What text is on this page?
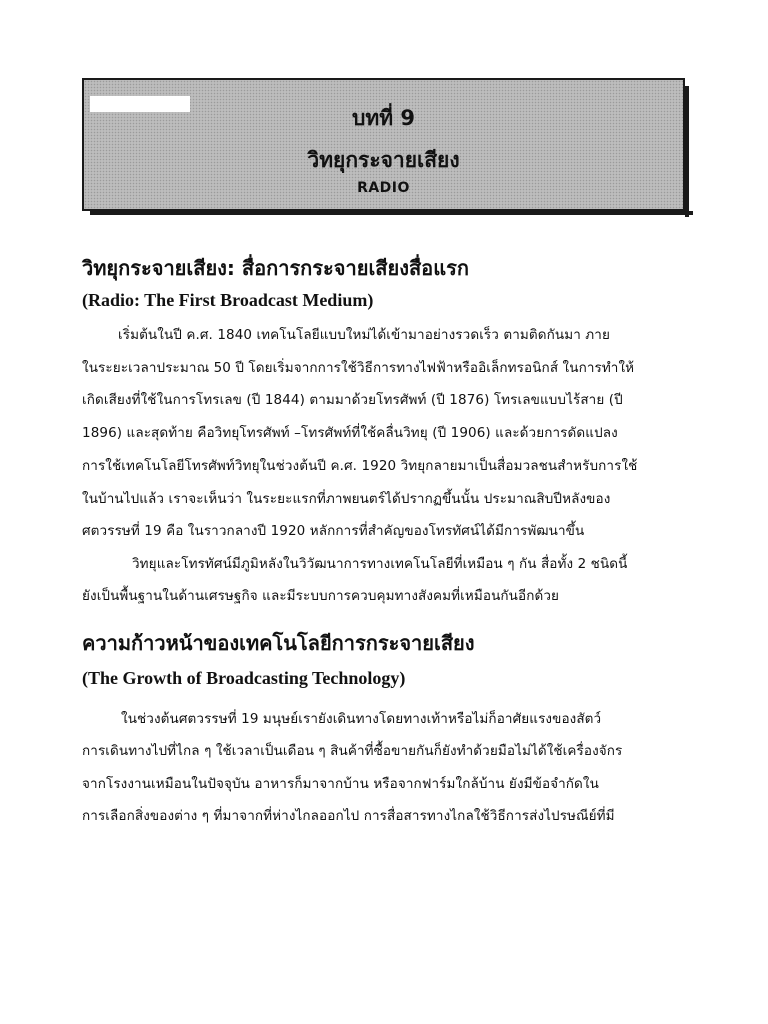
บทที่ 9
วิทยุกระจายเสียง
RADIO
วิทยุกระจายเสียง: สื่อการกระจายเสียงสื่อแรก
(Radio: The First Broadcast Medium)
เริ่มต้นในปี ค.ศ. 1840 เทคโนโลยีแบบใหม่ได้เข้ามาอย่างรวดเร็ว ตามติดกันมา ภาย
ในระยะเวลาประมาณ 50 ปี โดยเริ่มจากการใช้วิธีการทางไฟฟ้าหรืออิเล็กทรอนิกส์ ในการทำให้
เกิดเสียงที่ใช้ในการโทรเลข (ปี 1844) ตามมาด้วยโทรศัพท์ (ปี 1876) โทรเลขแบบไร้สาย (ปี
1896) และสุดท้าย คือวิทยุโทรศัพท์ –โทรศัพท์ที่ใช้คลื่นวิทยุ (ปี 1906) และด้วยการดัดแปลง
การใช้เทคโนโลยีโทรศัพท์วิทยุในช่วงต้นปี ค.ศ. 1920 วิทยุกลายมาเป็นสื่อมวลชนสำหรับการใช้
ในบ้านไปแล้ว เราจะเห็นว่า ในระยะแรกที่ภาพยนตร์ได้ปรากฏขึ้นนั้น ประมาณสิบปีหลังของ
ศตวรรษที่ 19 คือ ในราวกลางปี 1920 หลักการที่สำคัญของโทรทัศน์ได้มีการพัฒนาขึ้น
วิทยุและโทรทัศน์มีภูมิหลังในวิวัฒนาการทางเทคโนโลยีที่เหมือน ๆ กัน สื่อทั้ง 2 ชนิดนี้
ยังเป็นพื้นฐานในด้านเศรษฐกิจ และมีระบบการควบคุมทางสังคมที่เหมือนกันอีกด้วย
ความก้าวหน้าของเทคโนโลยีการกระจายเสียง
(The Growth of Broadcasting Technology)
ในช่วงต้นศตวรรษที่ 19 มนุษย์เรายังเดินทางโดยทางเท้าหรือไม่ก็อาศัยแรงของสัตว์
การเดินทางไปที่ไกล ๆ ใช้เวลาเป็นเดือน ๆ สินค้าที่ซื้อขายกันก็ยังทำด้วยมือไม่ได้ใช้เครื่องจักร
จากโรงงานเหมือนในปัจจุบัน อาหารก็มาจากบ้าน หรือจากฟาร์มใกล้บ้าน ยังมีข้อจำกัดใน
การเลือกสิ่งของต่าง ๆ ที่มาจากที่ห่างไกลออกไป การสื่อสารทางไกลใช้วิธีการส่งไปรษณีย์ที่มี
